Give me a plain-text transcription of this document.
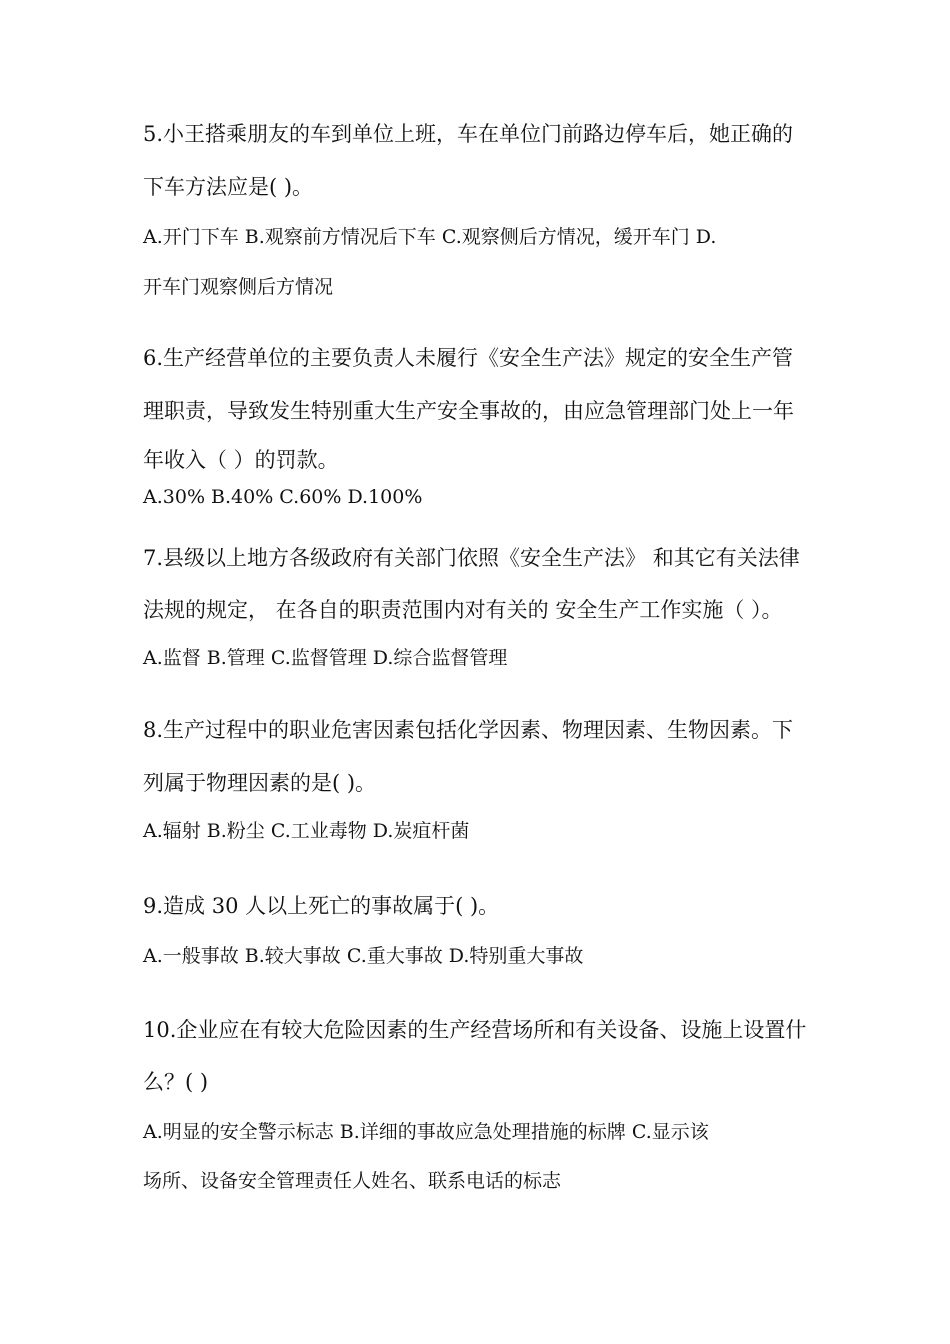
5.小王搭乘朋友的车到单位上班，车在单位门前路边停车后，她正确的
下车方法应是( )。
A.开门下车 B.观察前方情况后下车 C.观察侧后方情况，缓开车门 D.
开车门观察侧后方情况
6.生产经营单位的主要负责人未履行《安全生产法》规定的安全生产管
理职责，导致发生特别重大生产安全事故的，由应急管理部门处上一年
年收入（ ）的罚款。
A.30% B.40% C.60% D.100%
7.县级以上地方各级政府有关部门依照《安全生产法》 和其它有关法律
法规的规定， 在各自的职责范围内对有关的 安全生产工作实施（ ）。
A.监督 B.管理 C.监督管理 D.综合监督管理
8.生产过程中的职业危害因素包括化学因素、物理因素、生物因素。下
列属于物理因素的是( )。
A.辐射 B.粉尘 C.工业毒物 D.炭疽杆菌
9.造成 30 人以上死亡的事故属于( )。
A.一般事故 B.较大事故 C.重大事故 D.特别重大事故
10.企业应在有较大危险因素的生产经营场所和有关设备、设施上设置什
么？( )
A.明显的安全警示标志 B.详细的事故应急处理措施的标牌 C.显示该
场所、设备安全管理责任人姓名、联系电话的标志
